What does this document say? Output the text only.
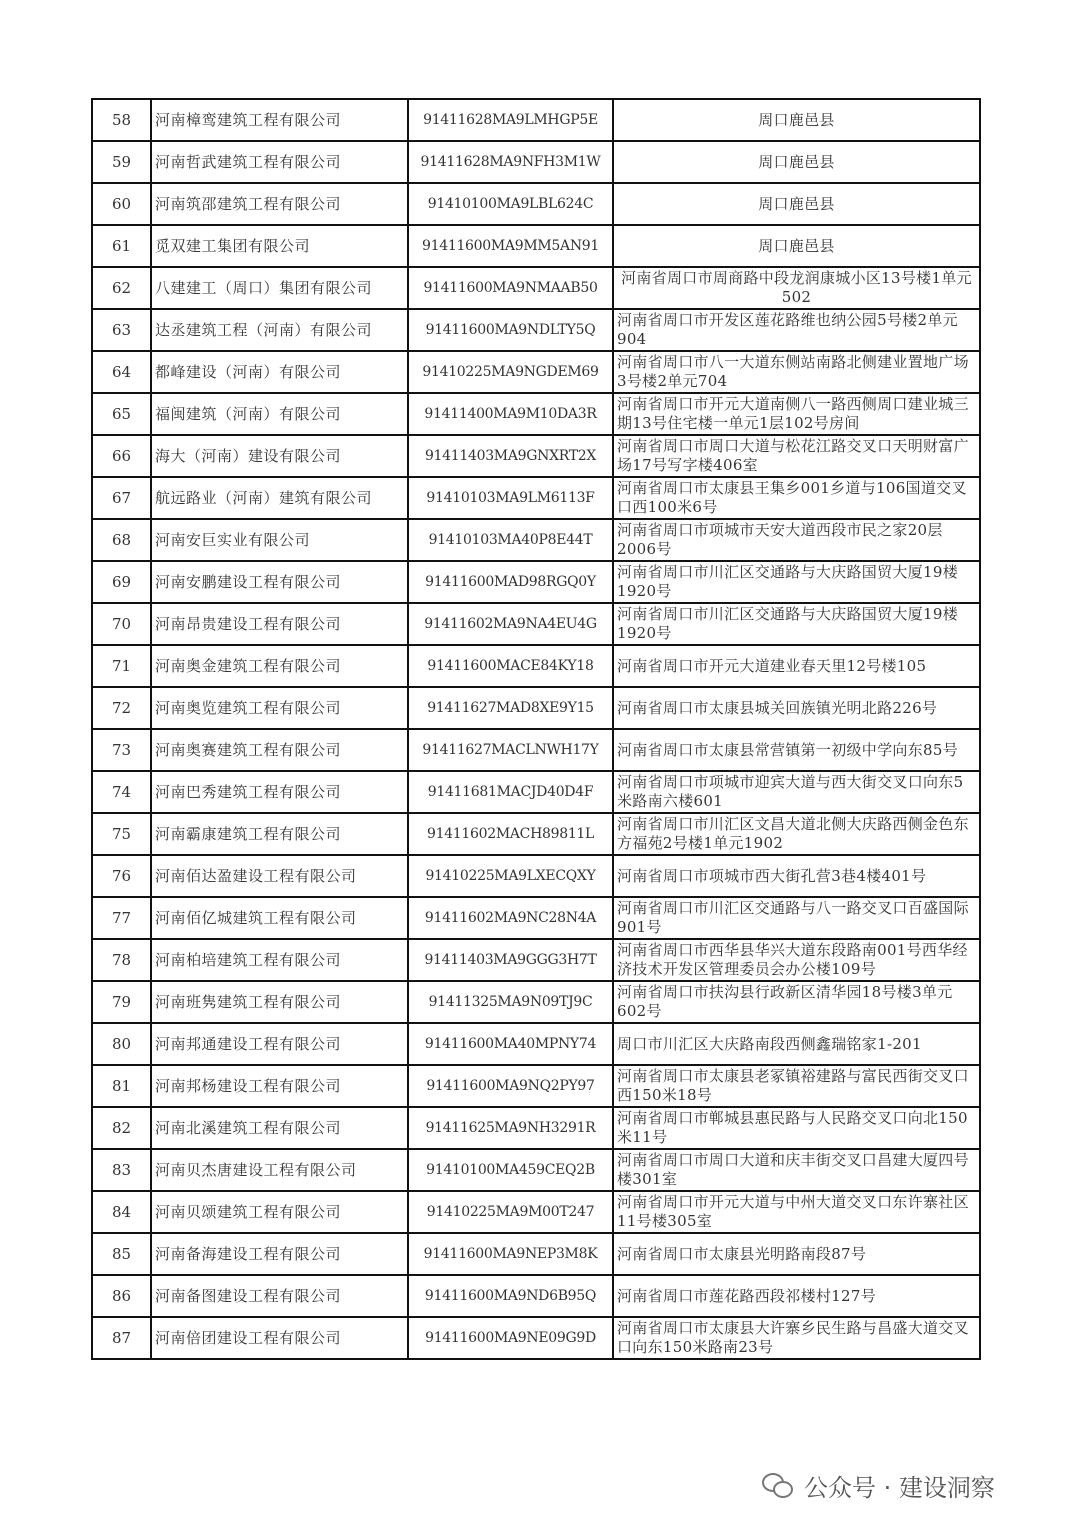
58	河南樟鸾建筑工程有限公司	91411628MA9LMHGP5E	周口鹿邑县
59	河南哲武建筑工程有限公司	91411628MA9NFH3M1W	周口鹿邑县
60	河南筑邵建筑工程有限公司	91410100MA9LBL624C	周口鹿邑县
61	觅双建工集团有限公司	91411600MA9MM5AN91	周口鹿邑县
62	八建建工（周口）集团有限公司	91411600MA9NMAAB50	河南省周口市周商路中段龙润康城小区13号楼1单元502
63	达丞建筑工程（河南）有限公司	91411600MA9NDLTY5Q	河南省周口市开发区莲花路维也纳公园5号楼2单元904
64	都峰建设（河南）有限公司	91410225MA9NGDEM69	河南省周口市八一大道东侧站南路北侧建业置地广场3号楼2单元704
65	福闽建筑（河南）有限公司	91411400MA9M10DA3R	河南省周口市开元大道南侧八一路西侧周口建业城三期13号住宅楼一单元1层102号房间
66	海大（河南）建设有限公司	91411403MA9GNXRT2X	河南省周口市周口大道与松花江路交叉口天明财富广场17号写字楼406室
67	航远路业（河南）建筑有限公司	91410103MA9LM6113F	河南省周口市太康县王集乡001乡道与106国道交叉口西100米6号
68	河南安巨实业有限公司	91410103MA40P8E44T	河南省周口市项城市天安大道西段市民之家20层2006号
69	河南安鹏建设工程有限公司	91411600MAD98RGQ0Y	河南省周口市川汇区交通路与大庆路国贸大厦19楼1920号
70	河南昂贵建设工程有限公司	91411602MA9NA4EU4G	河南省周口市川汇区交通路与大庆路国贸大厦19楼1920号
71	河南奥金建筑工程有限公司	91411600MACE84KY18	河南省周口市开元大道建业春天里12号楼105
72	河南奥览建筑工程有限公司	91411627MAD8XE9Y15	河南省周口市太康县城关回族镇光明北路226号
73	河南奥赛建筑工程有限公司	91411627MACLNWH17Y	河南省周口市太康县常营镇第一初级中学向东85号
74	河南巴秀建筑工程有限公司	91411681MACJD40D4F	河南省周口市项城市迎宾大道与西大街交叉口向东5米路南六楼601
75	河南霸康建筑工程有限公司	91411602MACH89811L	河南省周口市川汇区文昌大道北侧大庆路西侧金色东方福苑2号楼1单元1902
76	河南佰达盈建设工程有限公司	91410225MA9LXECQXY	河南省周口市项城市西大街孔营3巷4楼401号
77	河南佰亿城建筑工程有限公司	91411602MA9NC28N4A	河南省周口市川汇区交通路与八一路交叉口百盛国际901号
78	河南柏培建筑工程有限公司	91411403MA9GGG3H7T	河南省周口市西华县华兴大道东段路南001号西华经济技术开发区管理委员会办公楼109号
79	河南班隽建筑工程有限公司	91411325MA9N09TJ9C	河南省周口市扶沟县行政新区清华园18号楼3单元602号
80	河南邦通建设工程有限公司	91411600MA40MPNY74	周口市川汇区大庆路南段西侧鑫瑞铭家1-201
81	河南邦杨建设工程有限公司	91411600MA9NQ2PY97	河南省周口市太康县老冢镇裕建路与富民西街交叉口西150米18号
82	河南北溪建筑工程有限公司	91411625MA9NH3291R	河南省周口市郸城县惠民路与人民路交叉口向北150米11号
83	河南贝杰唐建设工程有限公司	91410100MA459CEQ2B	河南省周口市周口大道和庆丰街交叉口昌建大厦四号楼301室
84	河南贝颂建筑工程有限公司	91410225MA9M00T247	河南省周口市开元大道与中州大道交叉口东许寨社区11号楼305室
85	河南备海建设工程有限公司	91411600MA9NEP3M8K	河南省周口市太康县光明路南段87号
86	河南备图建设工程有限公司	91411600MA9ND6B95Q	河南省周口市莲花路西段祁楼村127号
87	河南倍团建设工程有限公司	91411600MA9NE09G9D	河南省周口市太康县大许寨乡民生路与昌盛大道交叉口向东150米路南23号
公众号 · 建设洞察
